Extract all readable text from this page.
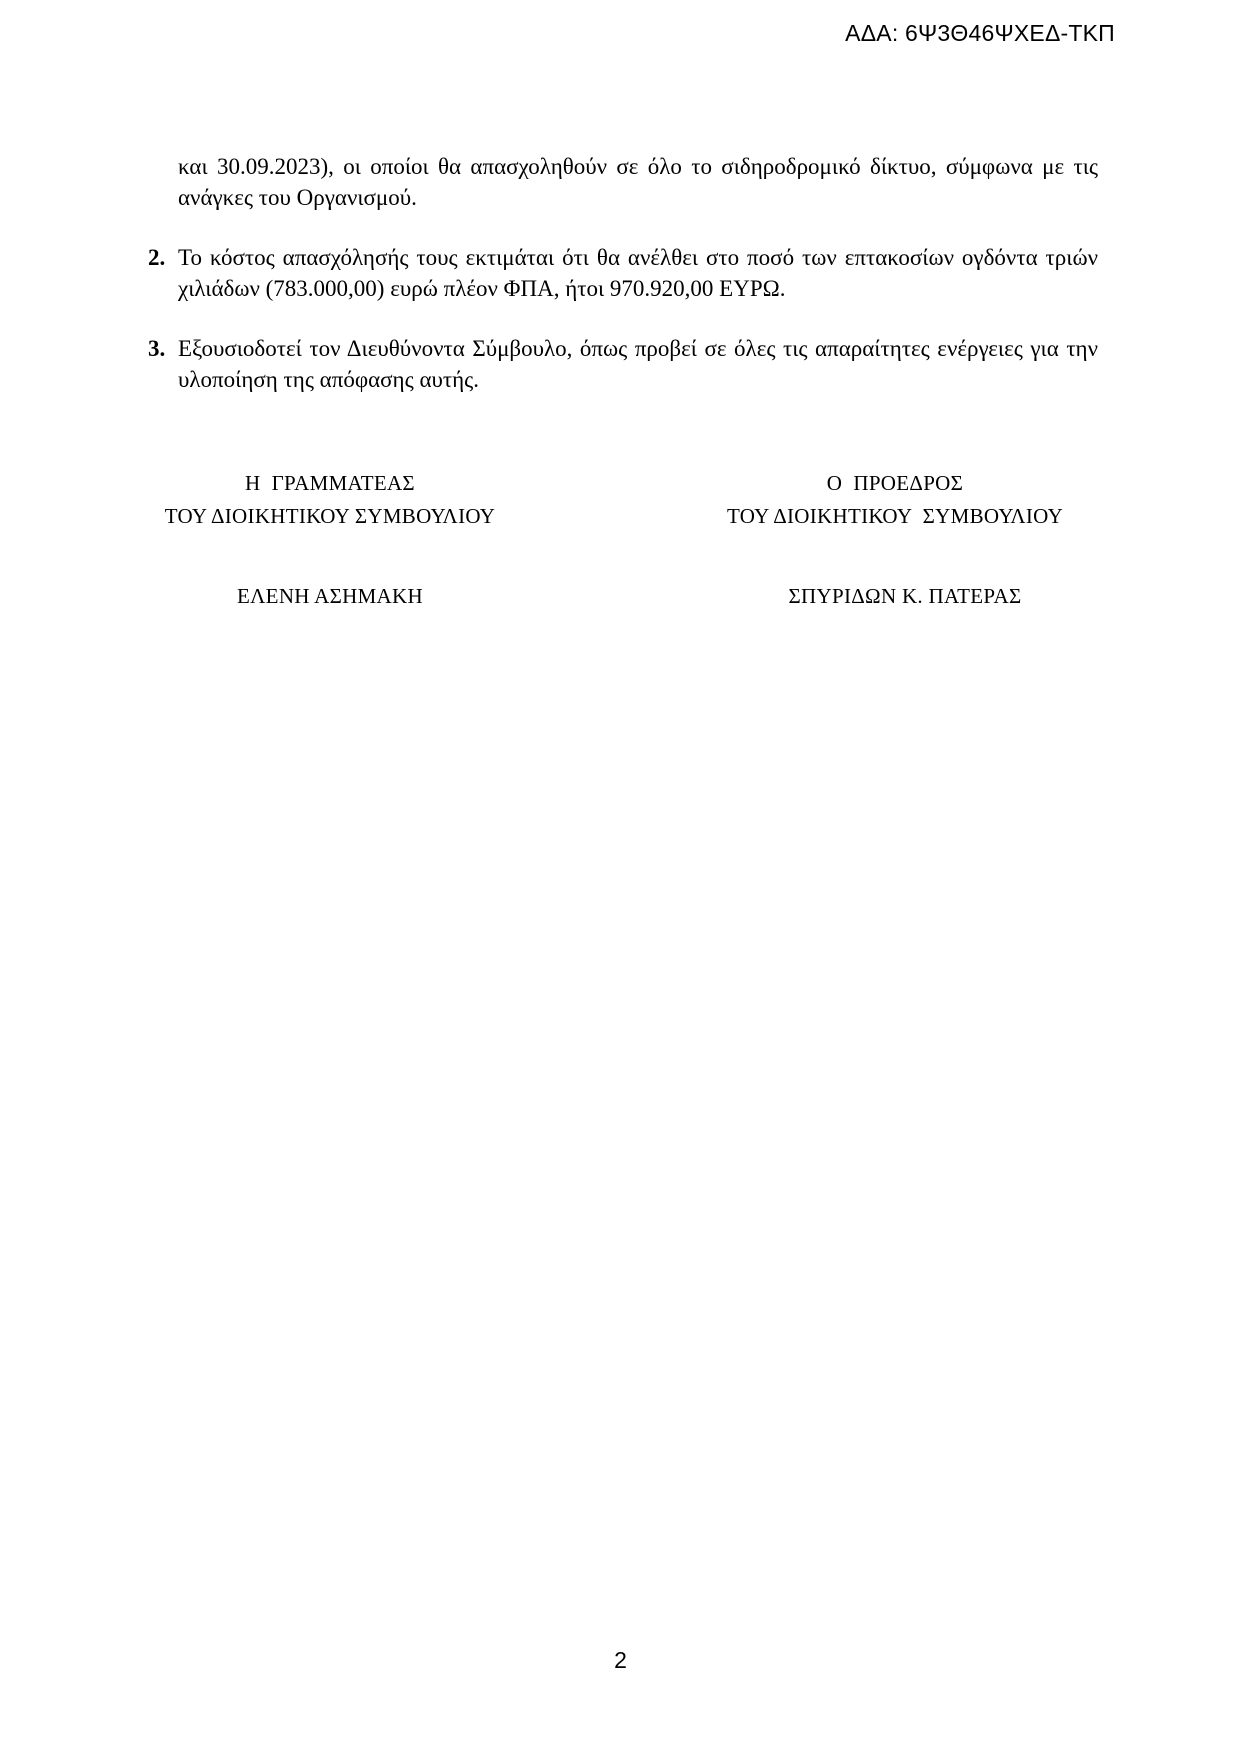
ΑΔΑ: 6Ψ3Θ46ΨΧΕΔ-ΤΚΠ

και 30.09.2023), οι οποίοι θα απασχοληθούν σε όλο το σιδηροδρομικό δίκτυο, σύμφωνα με τις ανάγκες του Οργανισμού.

2. Το κόστος απασχόλησής τους εκτιμάται ότι θα ανέλθει στο ποσό των επτακοσίων ογδόντα τριών χιλιάδων (783.000,00) ευρώ πλέον ΦΠΑ, ήτοι 970.920,00 ΕΥΡΩ.
3. Εξουσιοδοτεί τον Διευθύνοντα Σύμβουλο, όπως προβεί σε όλες τις απαραίτητες ενέργειες για την υλοποίηση της απόφασης αυτής.
Η  ΓΡΑΜΜΑΤΕΑΣ
ΤΟΥ ΔΙΟΙΚΗΤΙΚΟΥ ΣΥΜΒΟΥΛΙΟΥ
Ο  ΠΡΟΕΔΡΟΣ
ΤΟΥ ΔΙΟΙΚΗΤΙΚΟΥ  ΣΥΜΒΟΥΛΙΟΥ
ΕΛΕΝΗ ΑΣΗΜΑΚΗ	ΣΠΥΡΙΔΩΝ Κ. ΠΑΤΕΡΑΣ
2
